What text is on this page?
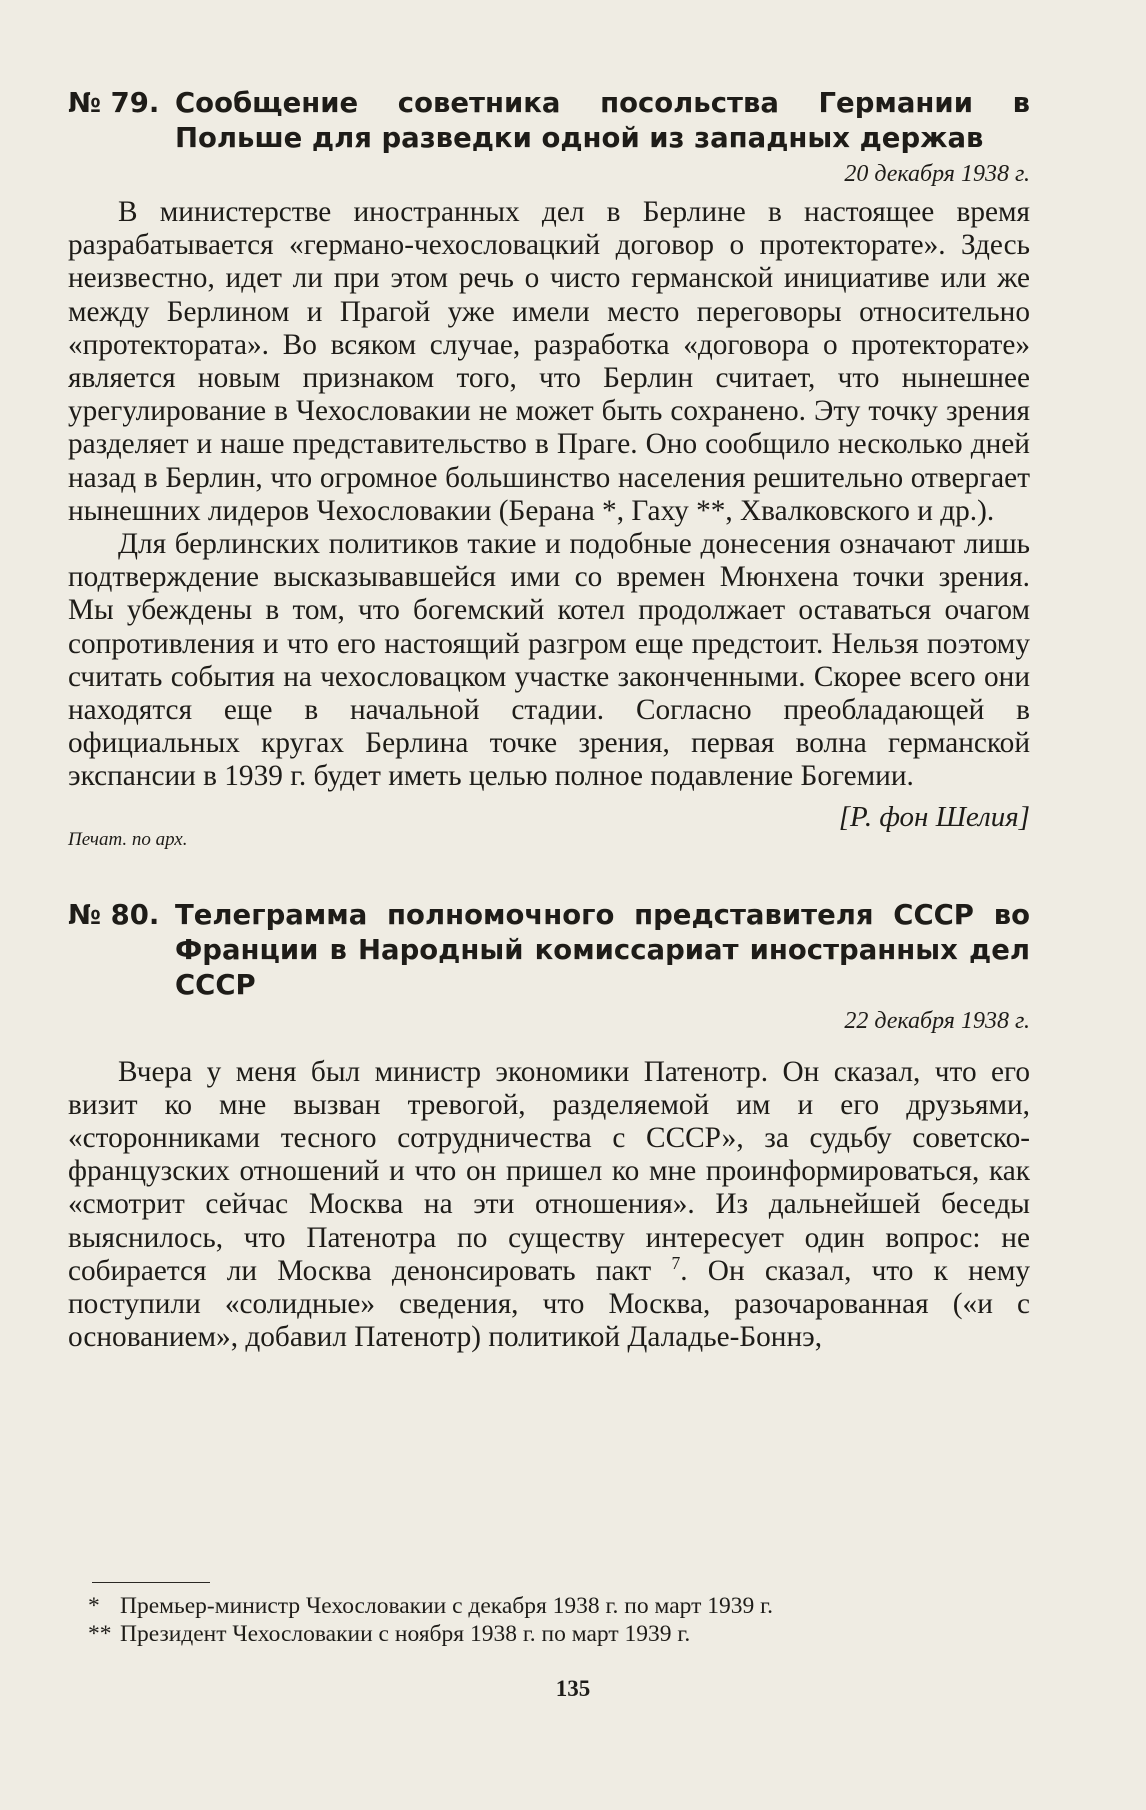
№ 79. Сообщение советника посольства Германии в Польше для разведки одной из западных держав
20 декабря 1938 г.

В министерстве иностранных дел в Берлине в настоящее время разрабатывается «германо-чехословацкий договор о протекторате». Здесь неизвестно, идет ли при этом речь о чисто германской инициативе или же между Берлином и Прагой уже имели место переговоры относительно «протектората». Во всяком случае, разработка «договора о протекторате» является новым признаком того, что Берлин считает, что нынешнее урегулирование в Чехословакии не может быть сохранено. Эту точку зрения разделяет и наше представительство в Праге. Оно сообщило несколько дней назад в Берлин, что огромное большинство населения решительно отвергает нынешних лидеров Чехословакии (Берана *, Гаху **, Хвалковского и др.).

Для берлинских политиков такие и подобные донесения означают лишь подтверждение высказывавшейся ими со времен Мюнхена точки зрения. Мы убеждены в том, что богемский котел продолжает оставаться очагом сопротивления и что его настоящий разгром еще предстоит. Нельзя поэтому считать события на чехословацком участке законченными. Скорее всего они находятся еще в начальной стадии. Согласно преобладающей в официальных кругах Берлина точке зрения, первая волна германской экспансии в 1939 г. будет иметь целью полное подавление Богемии.

[Р. фон Шелия]
Печат. по арх.
№ 80. Телеграмма полномочного представителя СССР во Франции в Народный комиссариат иностранных дел СССР
22 декабря 1938 г.

Вчера у меня был министр экономики Патенотр. Он сказал, что его визит ко мне вызван тревогой, разделяемой им и его друзьями, «сторонниками тесного сотрудничества с СССР», за судьбу советско-французских отношений и что он пришел ко мне проинформироваться, как «смотрит сейчас Москва на эти отношения». Из дальнейшей беседы выяснилось, что Патенотра по существу интересует один вопрос: не собирается ли Москва денонсировать пакт $^7$. Он сказал, что к нему поступили «солидные» сведения, что Москва, разочарованная («и с основанием», добавил Патенотр) политикой Даладье-Боннэ,

* Премьер-министр Чехословакии с декабря 1938 г. по март 1939 г.
** Президент Чехословакии с ноября 1938 г. по март 1939 г.
135
